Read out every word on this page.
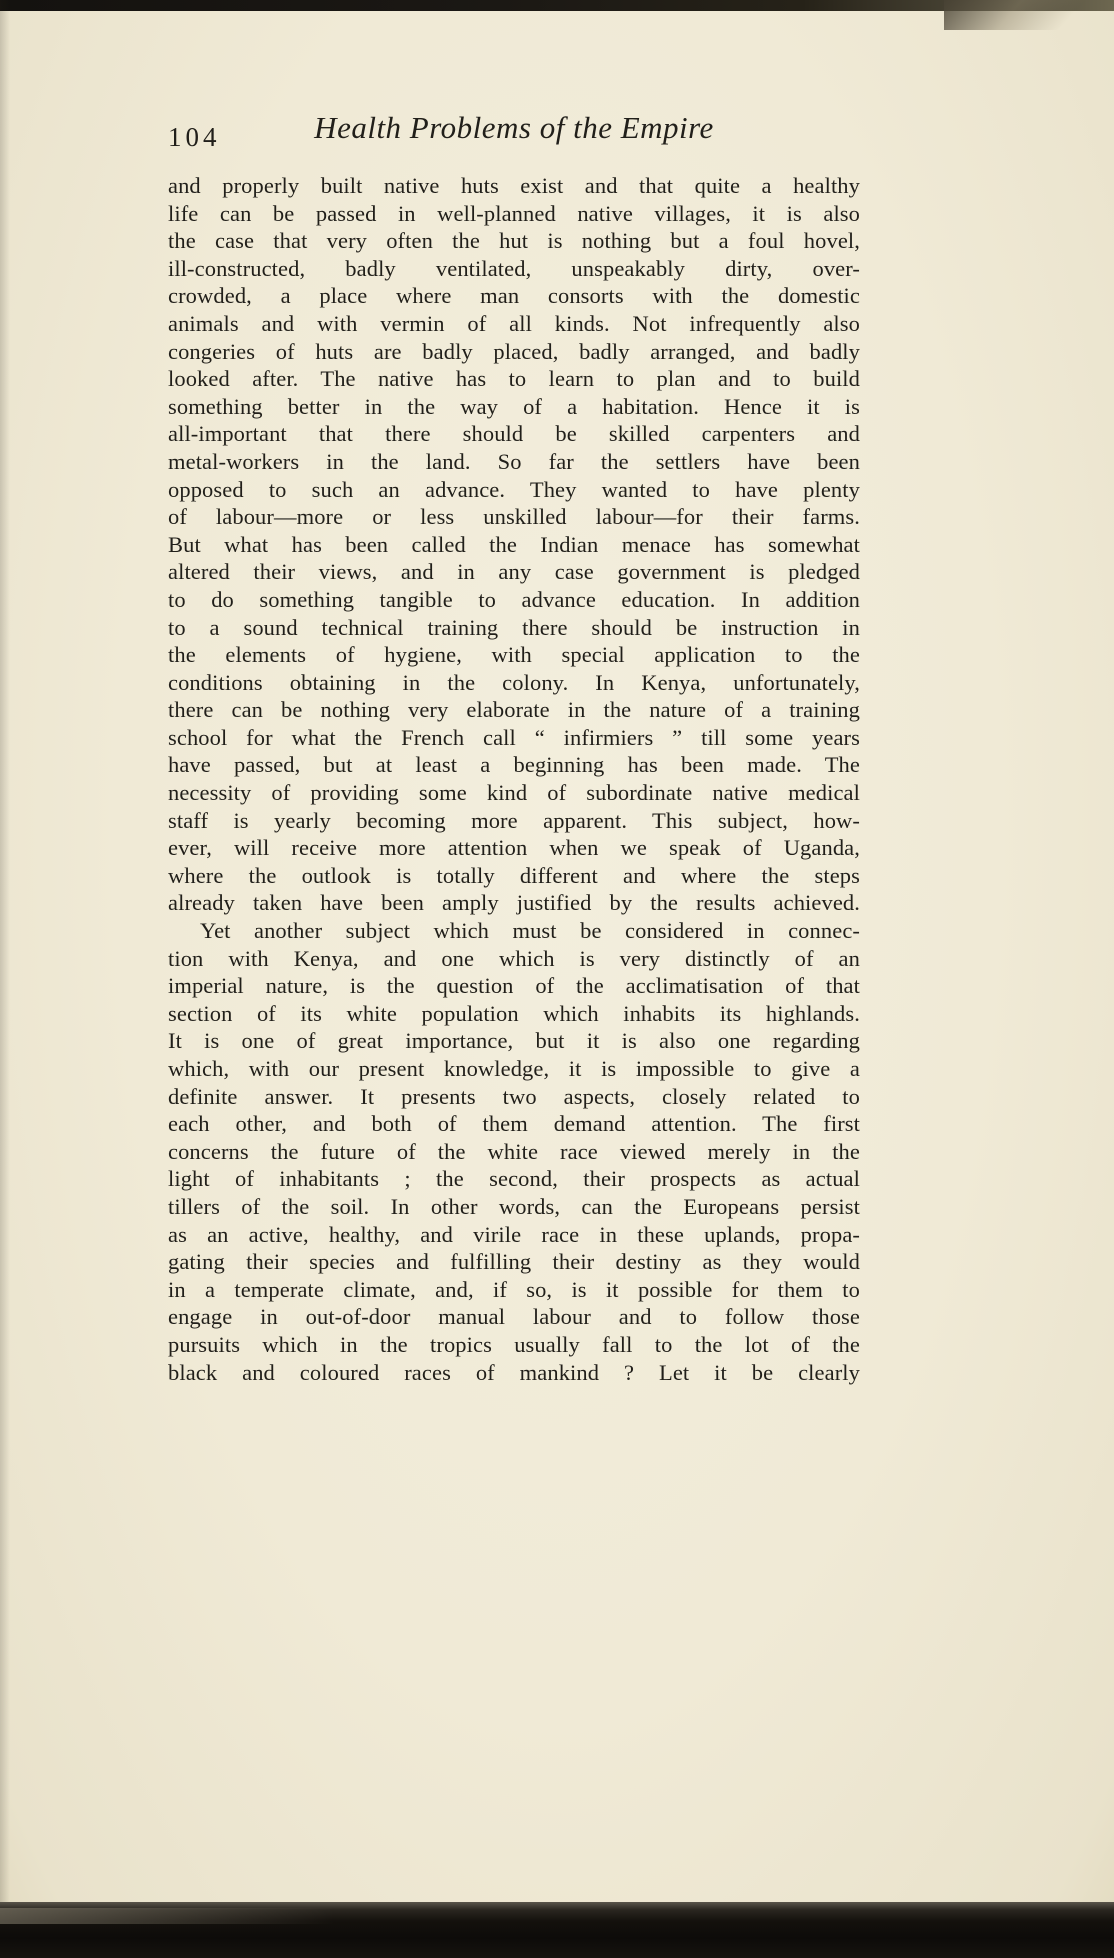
104	Health Problems of the Empire
and properly built native huts exist and that quite a healthy
life can be passed in well-planned native villages, it is also
the case that very often the hut is nothing but a foul hovel,
ill-constructed, badly ventilated, unspeakably dirty, over-
crowded, a place where man consorts with the domestic
animals and with vermin of all kinds. Not infrequently also
congeries of huts are badly placed, badly arranged, and badly
looked after. The native has to learn to plan and to build
something better in the way of a habitation. Hence it is
all-important that there should be skilled carpenters and
metal-workers in the land. So far the settlers have been
opposed to such an advance. They wanted to have plenty
of labour—more or less unskilled labour—for their farms.
But what has been called the Indian menace has somewhat
altered their views, and in any case government is pledged
to do something tangible to advance education. In addition
to a sound technical training there should be instruction in
the elements of hygiene, with special application to the
conditions obtaining in the colony. In Kenya, unfortunately,
there can be nothing very elaborate in the nature of a training
school for what the French call “ infirmiers ” till some years
have passed, but at least a beginning has been made. The
necessity of providing some kind of subordinate native medical
staff is yearly becoming more apparent. This subject, how-
ever, will receive more attention when we speak of Uganda,
where the outlook is totally different and where the steps
already taken have been amply justified by the results achieved.
Yet another subject which must be considered in connec-
tion with Kenya, and one which is very distinctly of an
imperial nature, is the question of the acclimatisation of that
section of its white population which inhabits its highlands.
It is one of great importance, but it is also one regarding
which, with our present knowledge, it is impossible to give a
definite answer. It presents two aspects, closely related to
each other, and both of them demand attention. The first
concerns the future of the white race viewed merely in the
light of inhabitants ; the second, their prospects as actual
tillers of the soil. In other words, can the Europeans persist
as an active, healthy, and virile race in these uplands, propa-
gating their species and fulfilling their destiny as they would
in a temperate climate, and, if so, is it possible for them to
engage in out-of-door manual labour and to follow those
pursuits which in the tropics usually fall to the lot of the
black and coloured races of mankind ? Let it be clearly
